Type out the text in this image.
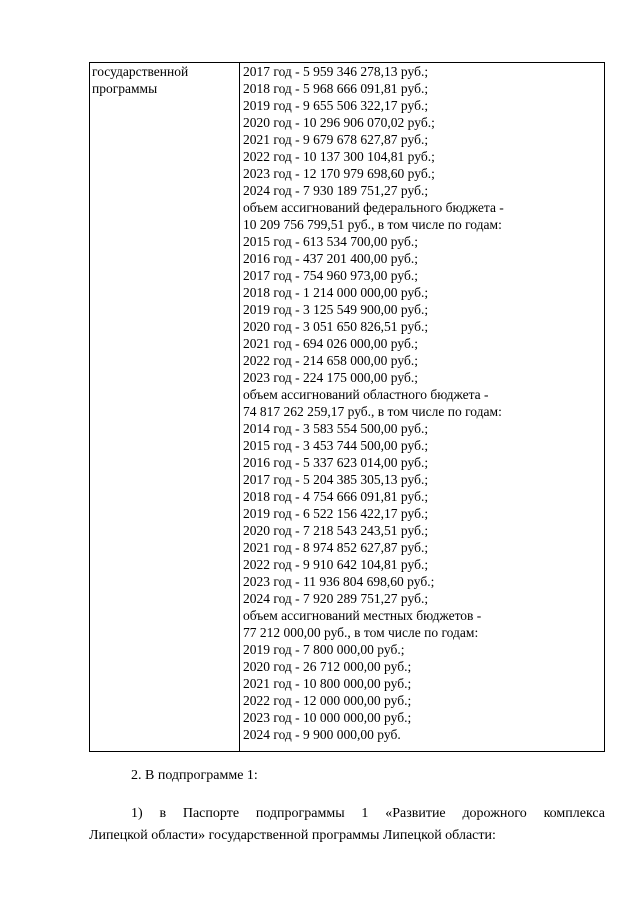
государственной
программы
2017 год - 5 959 346 278,13 руб.;
2018 год - 5 968 666 091,81 руб.;
2019 год - 9 655 506 322,17 руб.;
2020 год - 10 296 906 070,02 руб.;
2021 год - 9 679 678 627,87 руб.;
2022 год - 10 137 300 104,81 руб.;
2023 год - 12 170 979 698,60 руб.;
2024 год - 7 930 189 751,27 руб.;
объем ассигнований федерального бюджета -
10 209 756 799,51 руб., в том числе по годам:
2015 год - 613 534 700,00 руб.;
2016 год - 437 201 400,00 руб.;
2017 год - 754 960 973,00 руб.;
2018 год - 1 214 000 000,00 руб.;
2019 год - 3 125 549 900,00 руб.;
2020 год - 3 051 650 826,51 руб.;
2021 год - 694 026 000,00 руб.;
2022 год - 214 658 000,00 руб.;
2023 год - 224 175 000,00 руб.;
объем ассигнований областного бюджета -
74 817 262 259,17 руб., в том числе по годам:
2014 год - 3 583 554 500,00 руб.;
2015 год - 3 453 744 500,00 руб.;
2016 год - 5 337 623 014,00 руб.;
2017 год - 5 204 385 305,13 руб.;
2018 год - 4 754 666 091,81 руб.;
2019 год - 6 522 156 422,17 руб.;
2020 год - 7 218 543 243,51 руб.;
2021 год - 8 974 852 627,87 руб.;
2022 год - 9 910 642 104,81 руб.;
2023 год - 11 936 804 698,60 руб.;
2024 год - 7 920 289 751,27 руб.;
объем ассигнований местных бюджетов -
77 212 000,00 руб., в том числе по годам:
2019 год - 7 800 000,00 руб.;
2020 год - 26 712 000,00 руб.;
2021 год - 10 800 000,00 руб.;
2022 год - 12 000 000,00 руб.;
2023 год - 10 000 000,00 руб.;
2024 год - 9 900 000,00 руб.
2. В подпрограмме 1:
1) в Паспорте подпрограммы 1 «Развитие дорожного комплекса
Липецкой области» государственной программы Липецкой области:
